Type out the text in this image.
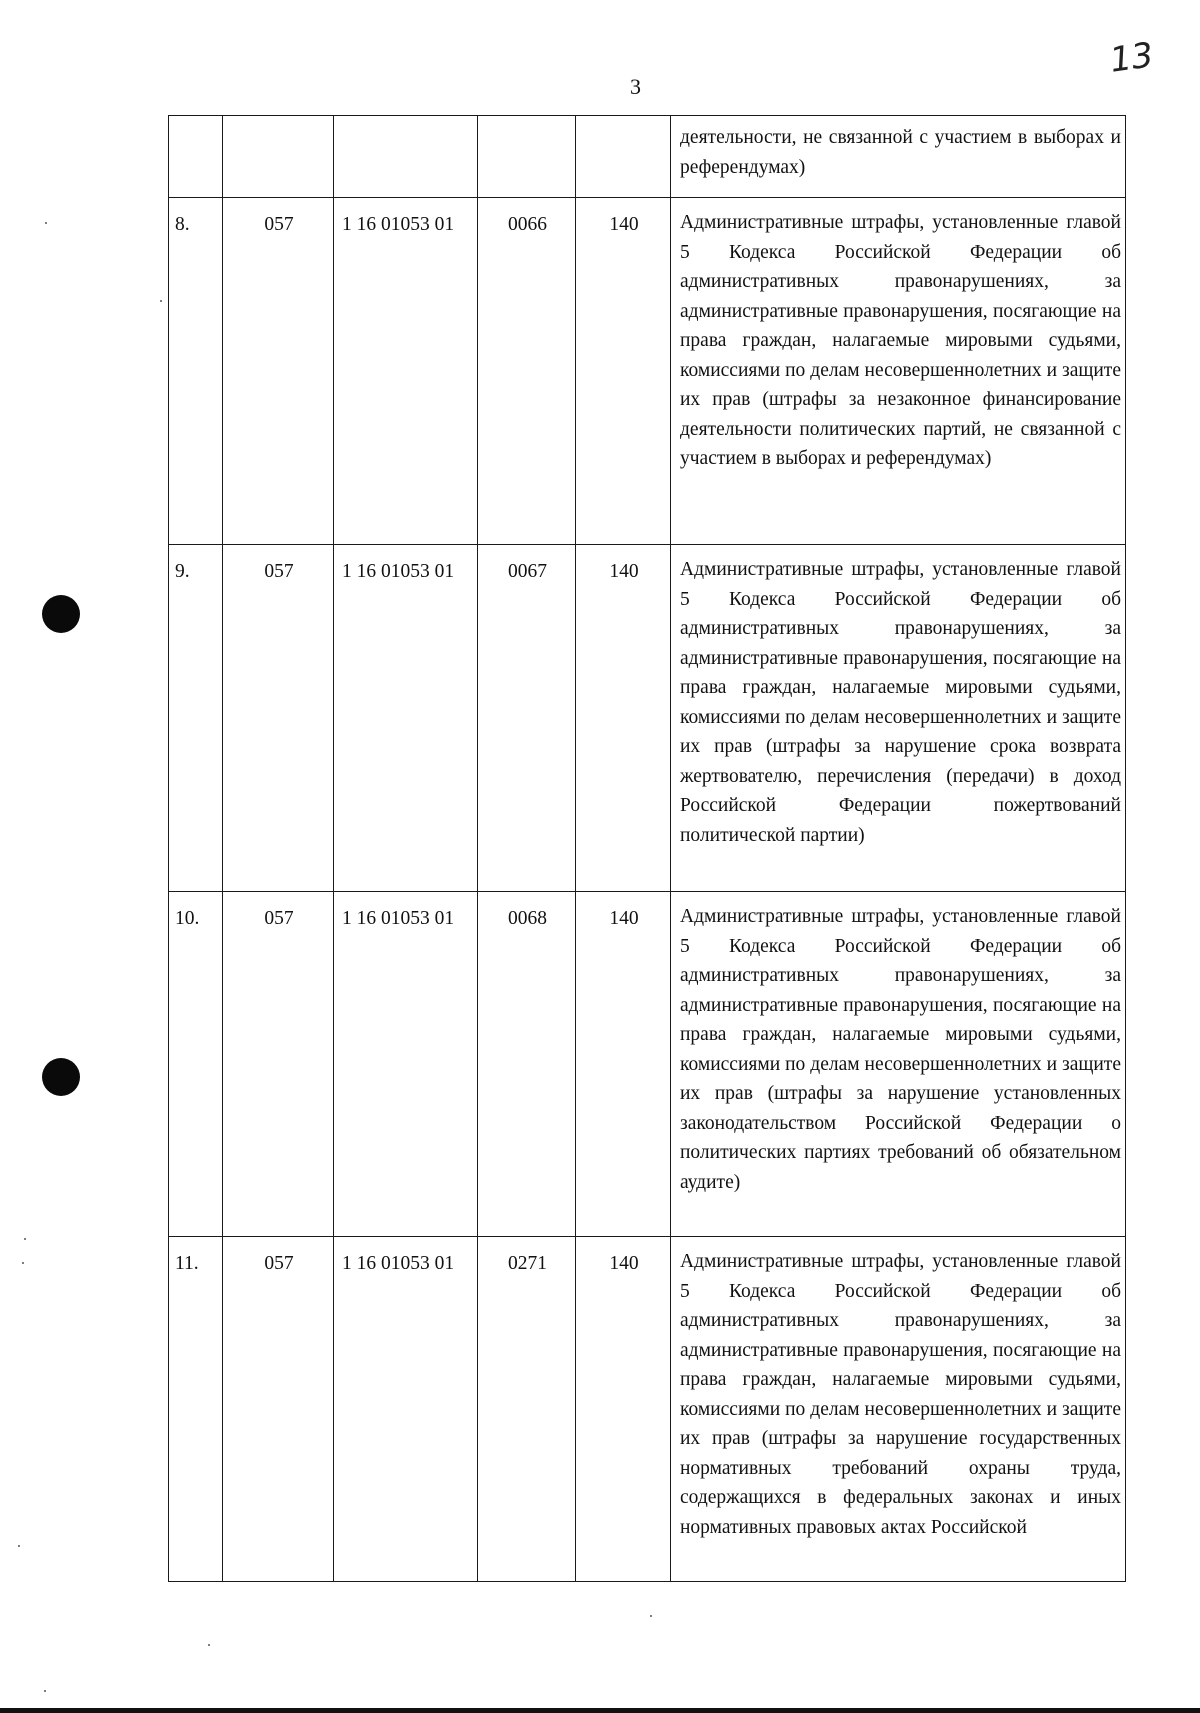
3
13

					деятельности, не связанной с участием в выборах и референдумах)

8.	057	1 16 01053 01	0066	140	Административные штрафы, установленные главой 5 Кодекса Российской Федерации об административных правонарушениях, за административные правонарушения, посягающие на права граждан, налагаемые мировыми судьями, комиссиями по делам несовершеннолетних и защите их прав (штрафы за незаконное финансирование деятельности политических партий, не связанной с участием в выборах и референдумах)

9.	057	1 16 01053 01	0067	140	Административные штрафы, установленные главой 5 Кодекса Российской Федерации об административных правонарушениях, за административные правонарушения, посягающие на права граждан, налагаемые мировыми судьями, комиссиями по делам несовершеннолетних и защите их прав (штрафы за нарушение срока возврата жертвователю, перечисления (передачи) в доход Российской Федерации пожертвований политической партии)

10.	057	1 16 01053 01	0068	140	Административные штрафы, установленные главой 5 Кодекса Российской Федерации об административных правонарушениях, за административные правонарушения, посягающие на права граждан, налагаемые мировыми судьями, комиссиями по делам несовершеннолетних и защите их прав (штрафы за нарушение установленных законодательством Российской Федерации о политических партиях требований об обязательном аудите)

11.	057	1 16 01053 01	0271	140	Административные штрафы, установленные главой 5 Кодекса Российской Федерации об административных правонарушениях, за административные правонарушения, посягающие на права граждан, налагаемые мировыми судьями, комиссиями по делам несовершеннолетних и защите их прав (штрафы за нарушение государственных нормативных требований охраны труда, содержащихся в федеральных законах и иных нормативных правовых актах Российской
